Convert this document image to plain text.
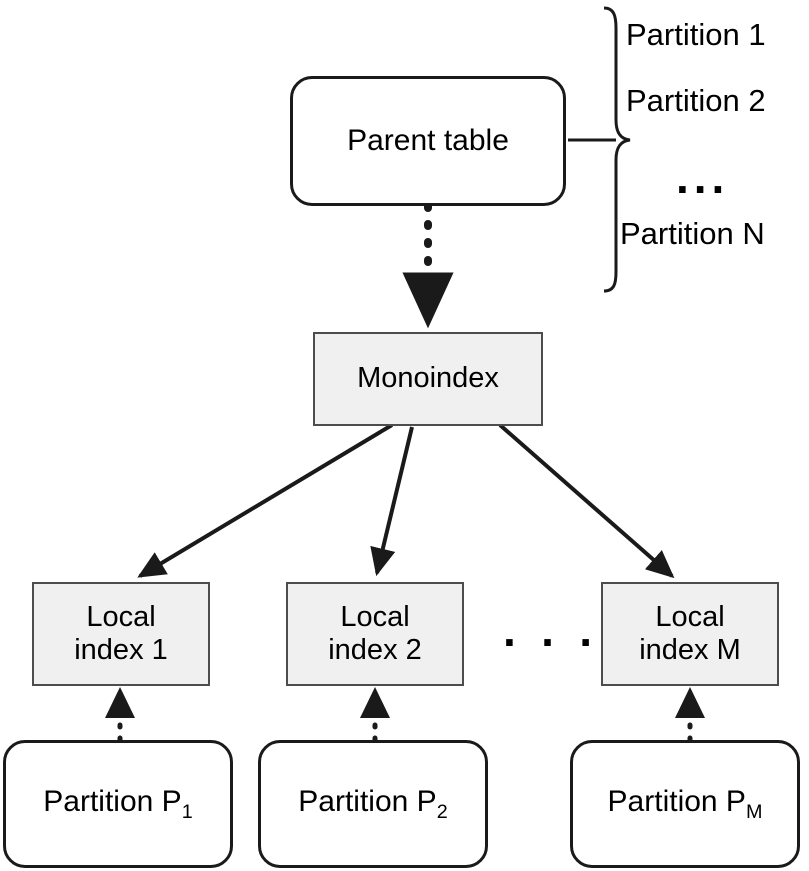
Parent table
Partition 1
Partition 2
...
Partition N
Monoindex
Local
index 1
Local
index 2
Local
index M
· · ·
Partition $P_1$	Partition $P_2$	Partition $P_M$
